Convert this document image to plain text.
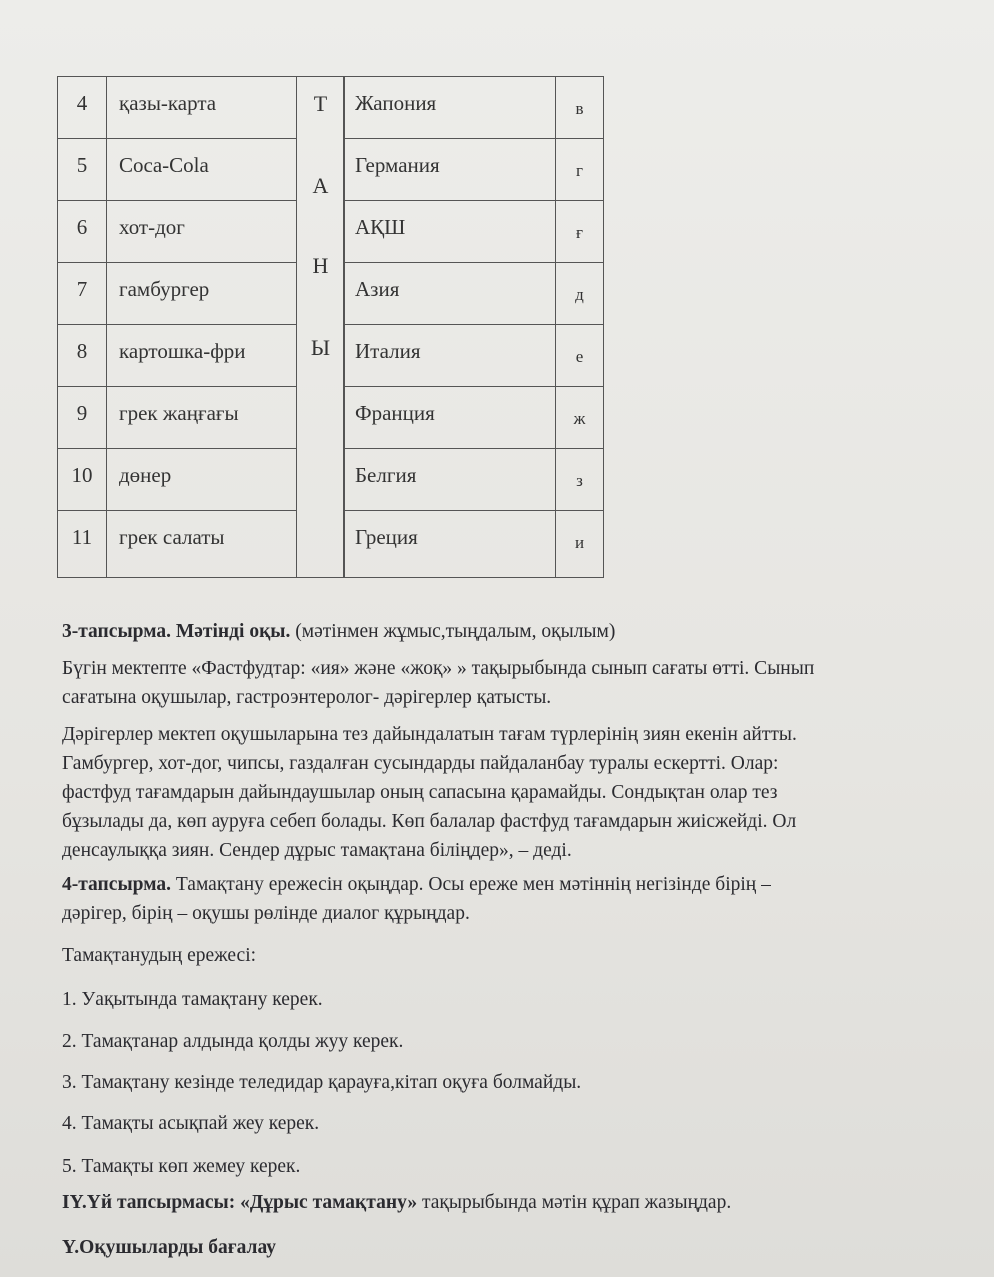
Т
А
Н
Ы
4	қазы-карта	Жапония	в
5	Coca-Cola	Германия	г
6	хот-дог	АҚШ	ғ
7	гамбургер	Азия	д
8	картошка-фри	Италия	е
9	грек жаңғағы	Франция	ж
10	дөнер	Белгия	з
11	грек салаты	Греция	и
3-тапсырма. Мәтінді оқы. (мәтінмен жұмыс,тыңдалым, оқылым)
Бүгін мектепте «Фастфудтар: «ия» және «жоқ» » тақырыбында сынып сағаты өтті. Сынып
сағатына оқушылар, гастроэнтеролог- дәрігерлер қатысты.
Дәрігерлер мектеп оқушыларына тез дайындалатын тағам түрлерінің зиян екенін айтты.
Гамбургер, хот-дог, чипсы, газдалған сусындарды пайдаланбау туралы ескертті. Олар:
фастфуд тағамдарын дайындаушылар оның сапасына қарамайды. Сондықтан олар тез
бұзылады да, көп ауруға себеп болады. Көп балалар фастфуд тағамдарын жиісжейді. Ол
денсаулыққа зиян. Сендер дұрыс тамақтана біліңдер», – деді.
4-тапсырма. Тамақтану ережесін оқыңдар. Осы ереже мен мәтіннің негізінде бірің –
дәрігер, бірің – оқушы рөлінде диалог құрыңдар.
Тамақтанудың ережесі:
1. Уақытында тамақтану керек.
2. Тамақтанар алдында қолды жуу керек.
3. Тамақтану кезінде теледидар қарауға,кітап оқуға болмайды.
4. Тамақты асықпай жеу керек.
5. Тамақты көп жемеу керек.
IY.Үй тапсырмасы: «Дұрыс тамақтану» тақырыбында мәтін құрап жазыңдар.
Y.Оқушыларды бағалау
